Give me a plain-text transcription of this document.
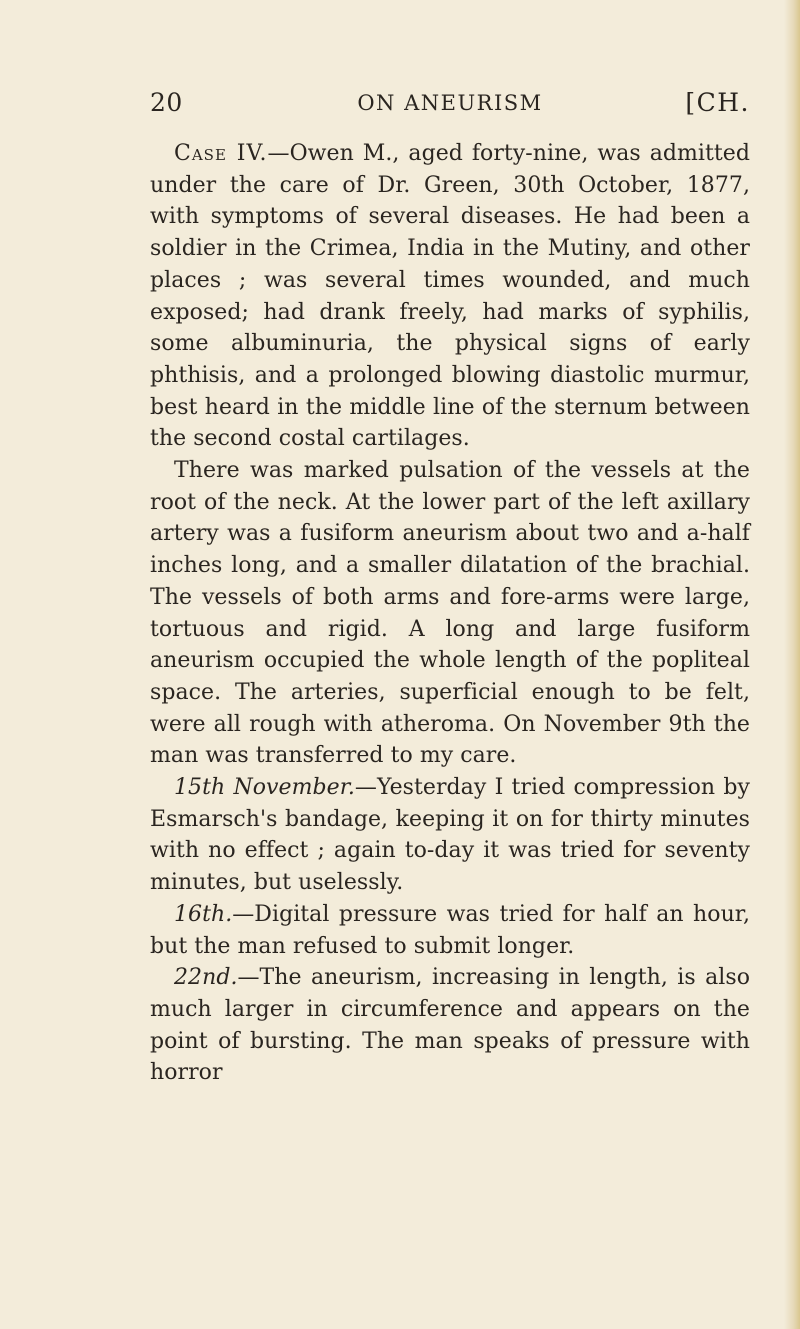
20	ON ANEURISM	[CH.

Case IV.—Owen M., aged forty-nine, was admitted under the care of Dr. Green, 30th October, 1877, with symptoms of several diseases. He had been a soldier in the Crimea, India in the Mutiny, and other places ; was several times wounded, and much exposed; had drank freely, had marks of syphilis, some albuminuria, the physical signs of early phthisis, and a prolonged blowing diastolic murmur, best heard in the middle line of the sternum between the second costal cartilages.

There was marked pulsation of the vessels at the root of the neck. At the lower part of the left axillary artery was a fusiform aneurism about two and a-half inches long, and a smaller dilatation of the brachial. The vessels of both arms and fore-arms were large, tortuous and rigid. A long and large fusiform aneurism occupied the whole length of the popliteal space. The arteries, superficial enough to be felt, were all rough with atheroma. On November 9th the man was transferred to my care.

15th November.—Yesterday I tried compression by Esmarsch's bandage, keeping it on for thirty minutes with no effect ; again to-day it was tried for seventy minutes, but uselessly.

16th.—Digital pressure was tried for half an hour, but the man refused to submit longer.

22nd.—The aneurism, increasing in length, is also much larger in circumference and appears on the point of bursting. The man speaks of pressure with horror
